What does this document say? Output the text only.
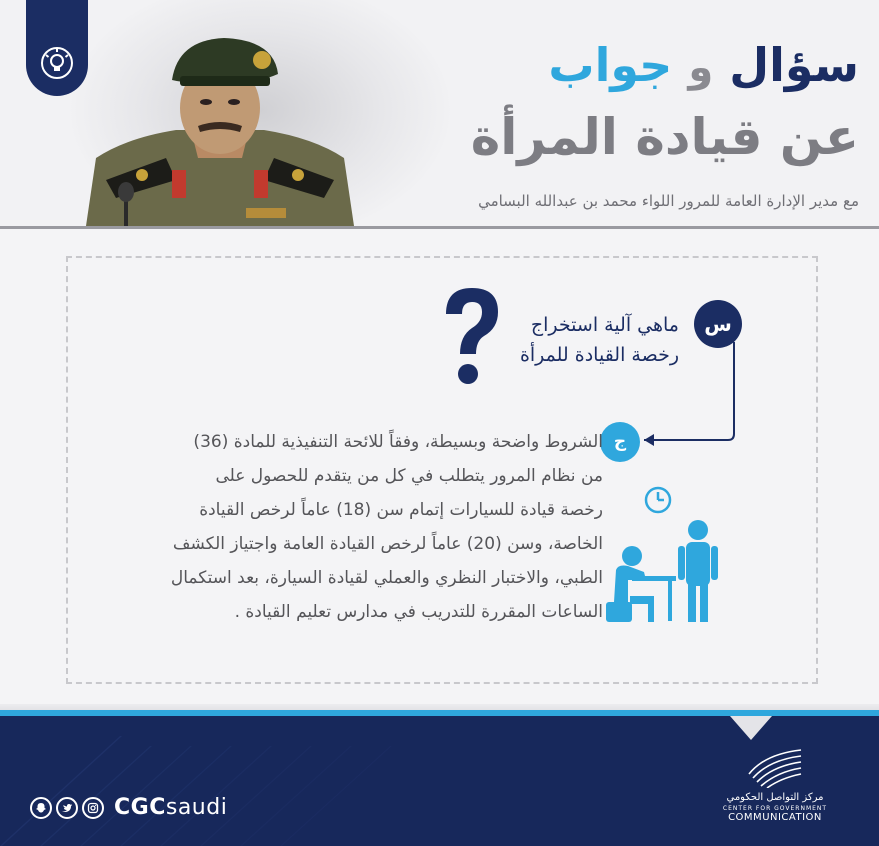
سؤال و جواب
عن قيادة المرأة
مع مدير الإدارة العامة للمرور اللواء محمد بن عبدالله البسامي
س
ماهي آلية استخراج
رخصة القيادة للمرأة
ج
الشروط واضحة وبسيطة، وفقاً للائحة التنفيذية للمادة (36)
من نظام المرور يتطلب في كل من يتقدم للحصول على
رخصة قيادة للسيارات إتمام سن (18) عاماً لرخص القيادة
الخاصة، وسن (20) عاماً لرخص القيادة العامة واجتياز الكشف
الطبي، والاختبار النظري والعملي لقيادة السيارة، بعد استكمال
الساعات المقررة للتدريب في مدارس تعليم القيادة .
CGCsaudi	مركز التواصل الحكومي
CENTER FOR GOVERNMENT
COMMUNICATION
